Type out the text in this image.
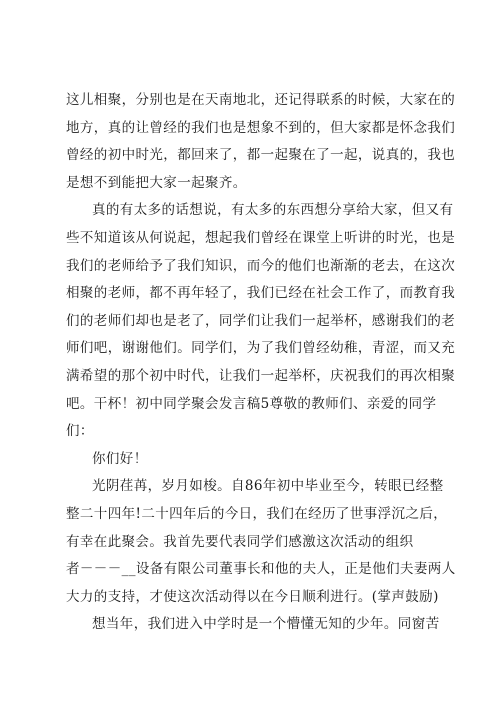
这儿相聚，分别也是在天南地北，还记得联系的时候，大家在的
地方，真的让曾经的我们也是想象不到的，但大家都是怀念我们
曾经的初中时光，都回来了，都一起聚在了一起，说真的，我也
是想不到能把大家一起聚齐。
真的有太多的话想说，有太多的东西想分享给大家，但又有
些不知道该从何说起，想起我们曾经在课堂上听讲的时光，也是
我们的老师给予了我们知识，而今的他们也渐渐的老去，在这次
相聚的老师，都不再年轻了，我们已经在社会工作了，而教育我
们的老师们却也是老了，同学们让我们一起举杯，感谢我们的老
师们吧，谢谢他们。同学们，为了我们曾经幼稚，青涩，而又充
满希望的那个初中时代，让我们一起举杯，庆祝我们的再次相聚
吧。干杯！初中同学聚会发言稿5尊敬的教师们、亲爱的同学
们：
你们好！
光阴荏苒，岁月如梭。自86年初中毕业至今，转眼已经整
整二十四年!二十四年后的今日，我们在经历了世事浮沉之后，
有幸在此聚会。我首先要代表同学们感激这次活动的组织
者－－－__设备有限公司董事长和他的夫人，正是他们夫妻两人
大力的支持，才使这次活动得以在今日顺利进行。(掌声鼓励)
想当年，我们进入中学时是一个懵懂无知的少年。同窗苦
